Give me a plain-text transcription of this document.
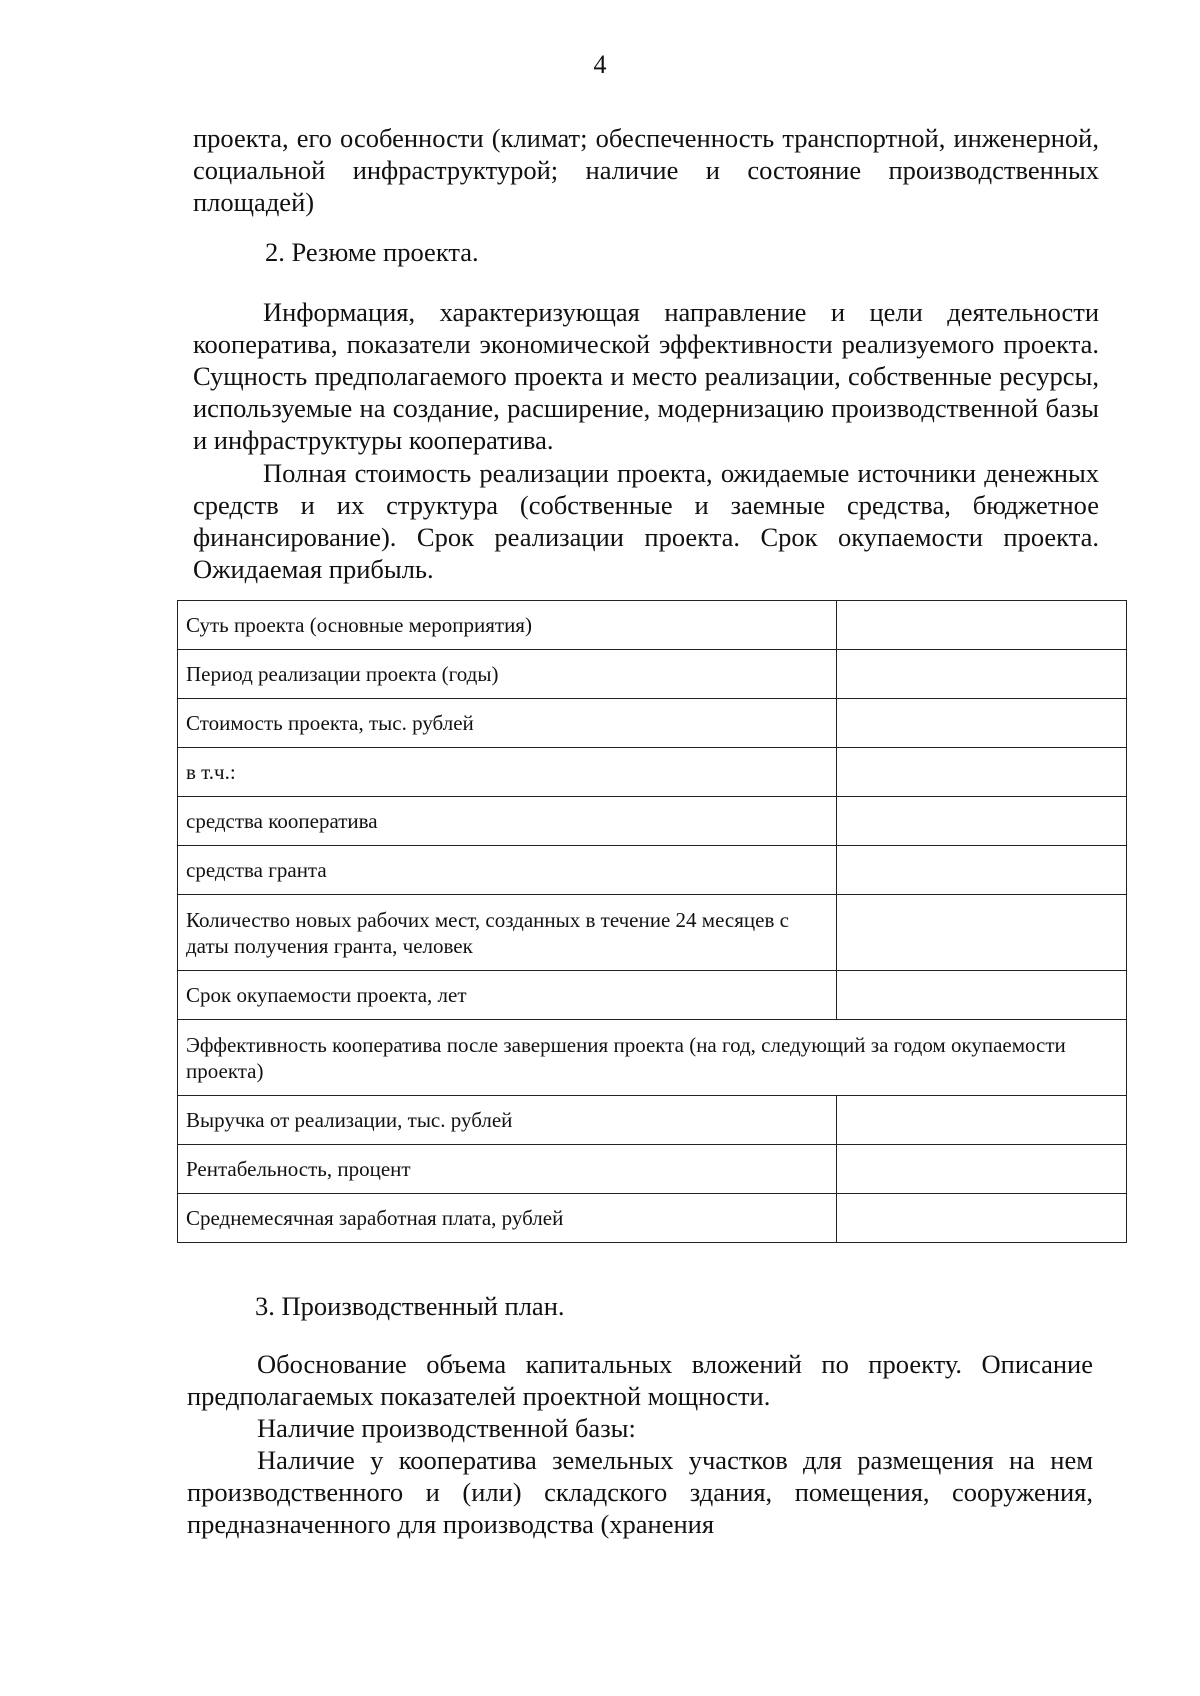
4
проекта, его особенности (климат; обеспеченность транспортной, инженерной, социальной инфраструктурой; наличие и состояние производственных площадей)
2. Резюме проекта.
Информация, характеризующая направление и цели деятельности кооператива, показатели экономической эффективности реализуемого проекта. Сущность предполагаемого проекта и место реализации, собственные ресурсы, используемые на создание, расширение, модернизацию производственной базы и инфраструктуры кооператива.
Полная стоимость реализации проекта, ожидаемые источники денежных средств и их структура (собственные и заемные средства, бюджетное финансирование). Срок реализации проекта. Срок окупаемости проекта. Ожидаемая прибыль.
Суть проекта (основные мероприятия)	
Период реализации проекта (годы)	
Стоимость проекта, тыс. рублей	
в т.ч.:	
средства кооператива	
средства гранта	
Количество новых рабочих мест, созданных в течение 24 месяцев с даты получения гранта, человек	
Срок окупаемости проекта, лет	
Эффективность кооператива после завершения проекта (на год, следующий за годом окупаемости проекта)	
Выручка от реализации, тыс. рублей	
Рентабельность, процент	
Среднемесячная заработная плата, рублей	
3. Производственный план.
Обоснование объема капитальных вложений по проекту. Описание предполагаемых показателей проектной мощности.
Наличие производственной базы:
Наличие у кооператива земельных участков для размещения на нем производственного и (или) складского здания, помещения, сооружения, предназначенного для производства (хранения
